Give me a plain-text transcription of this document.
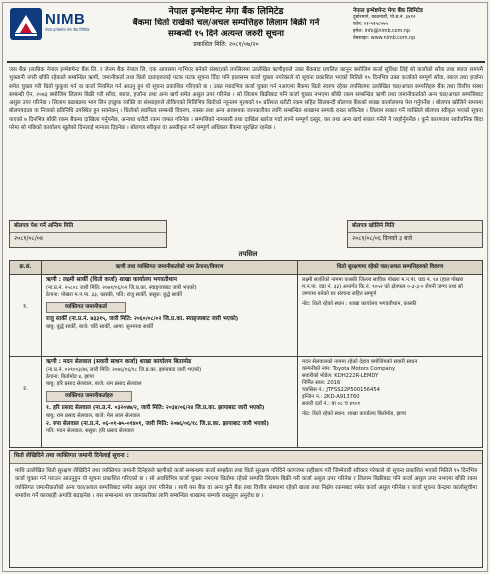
NIMB
नेपाल इन्भेष्टमेन्ट मेगा बैंक लिमिटेड
नेपाल इन्भेष्टमेन्ट मेगा बैंक लिमिटेड
बैंकमा धितो राखेको चल/अचल सम्पत्तिहरु लिलाम बिक्री गर्ने
सम्बन्धी १५ दिने अत्यन्त जरुरी सूचना
प्रकाशित मिति: २०८१/०७/२०
नेपाल इन्भेष्टमेन्ट मेगा बैंक लिमिटेड
दुर्बारमार्ग, काठमाडौं, पो.ब.नं. ३४१२
फोन: ०१-५९५८५५५
इमेल: info@nimb.com.np
वेबसाइट: www.nimb.com.np
जस बैंक (साबिक नेपाल इन्भेष्टमेन्ट बैंक लि. र जेनम बैंक नेपाल लि. एक आपसमा गाभिएर बनेको संस्था)को तपसिलमा उल्लेखित ऋणीहरुले उक्त बैंकबाट प्रचलित कानुन बमोजिम कर्जा सुविधा लिई सो कर्जाको साँवा तथा ब्याज समयमै भुक्तानी नगरी बाँकी रहेकाले सम्बन्धित ऋणी, जमानीकर्ता तथा धितो दाताहरुलाई पटक पटक सूचना दिँदा पनि हालसम्म कर्जा चुक्ता नगरेकाले यो सूचना प्रकाशित भएको मितिले १५ दिनभित्र उक्त कर्जाको सम्पूर्ण साँवा, ब्याज तथा हर्जाना समेत चुक्ता गरी धितो फुकुवा गर्न वा कर्जा नियमित गर्न आउनु हुन यो सूचना प्रकाशित गरिएको छ । उक्त म्यादभित्र कर्जा चुक्ता गर्न नआएमा बैंकमा धितो स्वरुप रहेका तपसिलमा उल्लेखित चल/अचल सम्पत्तिहरु बैंक तथा वित्तीय संस्था सम्बन्धी ऐन, २०७३ बमोजिम लिलाम बिक्री गरी साँवा, ब्याज, हर्जाना तथा अन्य खर्च समेत असुल उपर गरिनेछ । सो लिलाम बिक्रीबाट पनि कर्जा चुक्ता नभएमा बाँकी रकम सम्बन्धित ऋणी तथा जमानीकर्ताको अन्य चल/अचल सम्पत्तिबाट असुल उपर गरिनेछ । लिलाम बढाबढमा भाग लिन इच्छुक व्यक्ति वा संस्थाहरुले तोकिएको मितिभित्र धितोको न्यूनतम मूल्यको १० प्रतिशत धरौटी रकम सहित सिलबन्दी बोलपत्र बैंकको शाखा कार्यालयमा पेश गर्नुपर्नेछ । बोलपत्र खोलिने समयमा बोलपत्रदाता वा निजको प्रतिनिधि उपस्थित हुन सक्नेछन् । धितोको स्वामित्व सम्बन्धी विवरण, नक्सा तथा अन्य आवश्यक जानकारीका लागि सम्बन्धित शाखामा सम्पर्क राख्न सकिनेछ । लिलाम सकार गर्ने व्यक्तिले बोलपत्र स्वीकृत भएको सूचना पाएको ७ दिनभित्र बाँकी रकम बैंकमा दाखिला गर्नुपर्नेछ, अन्यथा धरौटी रकम जफत गरिनेछ । सम्पत्तिको नामसारी तथा दाखिल खारेज गर्दा लाग्ने सम्पूर्ण दस्तुर, कर तथा अन्य खर्च सकार गर्नेले नै व्यहोर्नुपर्नेछ । कुनै कारणवश सार्वजनिक बिदा परेमा सो पछिको कार्यालय खुलेको दिनलाई मान्यता दिइनेछ । बोलपत्र स्वीकृत वा अस्वीकृत गर्ने सम्पूर्ण अधिकार बैंकमा सुरक्षित रहनेछ ।
बोलपत्र पेश गर्ने अन्तिम मिति
२०८१/०८/०४
तपसिल
बोलपत्र खोलिने मिति
२०८१/०८/०६ दिनको ३ बजे
क्र.सं.	ऋणी तथा व्यक्तिगत जमानीकर्ताको नाम ठेगाना/विवरण	धितो सुरक्षणमा रहेको चल/अचल सम्पत्तिहरुको विवरण
१.
ऋणी : लक्ष्मी सार्की (धितो कर्जा) शाखा कार्यालय भगवतीथान
(ना.प्र.नं. २५८०८ जारी मिति: २०७१/०६/०२ जि.प्र.का. स्याङ्जाबाट जारी भएको)
ठेगाना: पोखरा म.न.पा. ३३, कास्की, पति: राजु सार्की, ससुरा: बुद्धे सार्की
व्यक्तिगत जमानीकर्ता
राजु सार्की (ना.प्र.नं. ७३३१५, जारी मिति: २०६०/०८/०२ जि.प्र.का. स्याङ्जाबाट जारी भएको)
बाबु: बुद्धे सार्की, बाजे: चाँदे सार्की, आमा: सुनमाया सार्की
लक्ष्मी सार्कीको नाममा कास्की जिल्ला साविक पोखरा म.न.पा. वडा नं. १४ (हाल पोखरा म.न.पा. वडा नं. ३३) अन्तर्गत कि.नं. ९०५२ को क्षेत्रफल ०-३-३-० रोपनी जग्गा तथा सो जग्गामा बनेको घर संरचना सहित सम्पूर्ण
नोट: धितो रहेको स्थान : शाखा कार्यालय भगवतीथान, कास्की
२.
ऋणी : मदन सेलवाल (सवारी साधन कर्जा) शाखा कार्यालय बितामोड
(ना.प्र.नं. ०२९००३/७६ जारी मिति: २०७६/०६/१८ जि.प्र.का. झापाबाट जारी भएको)
ठेगाना: बिर्तामोड ४, झापा
बाबु: हरि प्रसाद सेलवाल, बाजे: राम प्रसाद सेलवाल
व्यक्तिगत जमानीकर्ताहरु
१. हरि प्रसाद सेलवाल (ना.प्र.नं. ०३२०४७/२, जारी मिति: २०३४/०६/२४ जि.प्र.का. झापाबाट जारी भएको)
बाबु: राम प्रसाद सेलवाल, बाजे: मेल लाल सेलवाल
२. रुपा सेलवाल (ना.प्र.नं. ०६-०१-७५-०१४०१, जारी मिति: २०७६/०६/१८ जि.प्र.का. झापाबाट जारी भएको)
पति: मदन सेलवाल, ससुरा: हरि प्रसाद सेलवाल
मदन सेलवालको नाममा रहेको देहाय बमोजिमको सवारी साधन
कम्पनीको नाम: Toyota Motors Company
सवारीको मोडेल: KDH222R-LEMDY
निर्मित साल: 2016
च्यासिस नं.: JTFSS22P500156454
इन्जिन नं.: 2KD-A913760
सवारी दर्ता नं.: बा ०८ च ४९०१
नोट: धितो रहेको स्थान: शाखा कार्यालय बिर्तामोड, झापा
धितो लेखिदिने तथा व्यक्तिगत जमानी दिनेलाई सूचना :
माथि उल्लेखित धितो सुरक्षण लेखिदिने तथा व्यक्तिगत जमानी दिनेहरुले ऋणीको कर्जा सम्बन्धमा कर्जा सम्झौता तथा धितो सुरक्षण गरिदिने कागजमा सहीछाप गरी जिम्मेवारी स्वीकार गरेकाले यो सूचना प्रकाशित भएको मितिले १५ दिनभित्र कर्जा चुक्ता गर्न गराउन आउनुहुन यो सूचना प्रकाशित गरिएको छ । सो अवधिभित्र कर्जा चुक्ता नभएमा धितोमा रहेको सम्पत्ति लिलाम बिक्री गरी कर्जा असुल उपर गरिनेछ र लिलाम बिक्रीबाट पनि कर्जा असुल उपर नभएमा बाँकी रकम व्यक्तिगत जमानीकर्ताको अन्य चल/अचल सम्पत्तिबाट समेत असुल उपर गरिनेछ । साथै यस बैंक वा अन्य कुनै बैंक तथा वित्तीय संस्थामा रहेको खाता तथा निक्षेप रकमबाट समेत कर्जा असुल गरिनेछ र कर्जा सूचना केन्द्रमा कालोसूचीमा समावेश गर्ने कारबाही अगाडि बढाइनेछ । यस सम्बन्धमा थप जानकारीका लागि सम्बन्धित शाखामा सम्पर्क राख्नुहुन अनुरोध छ ।
